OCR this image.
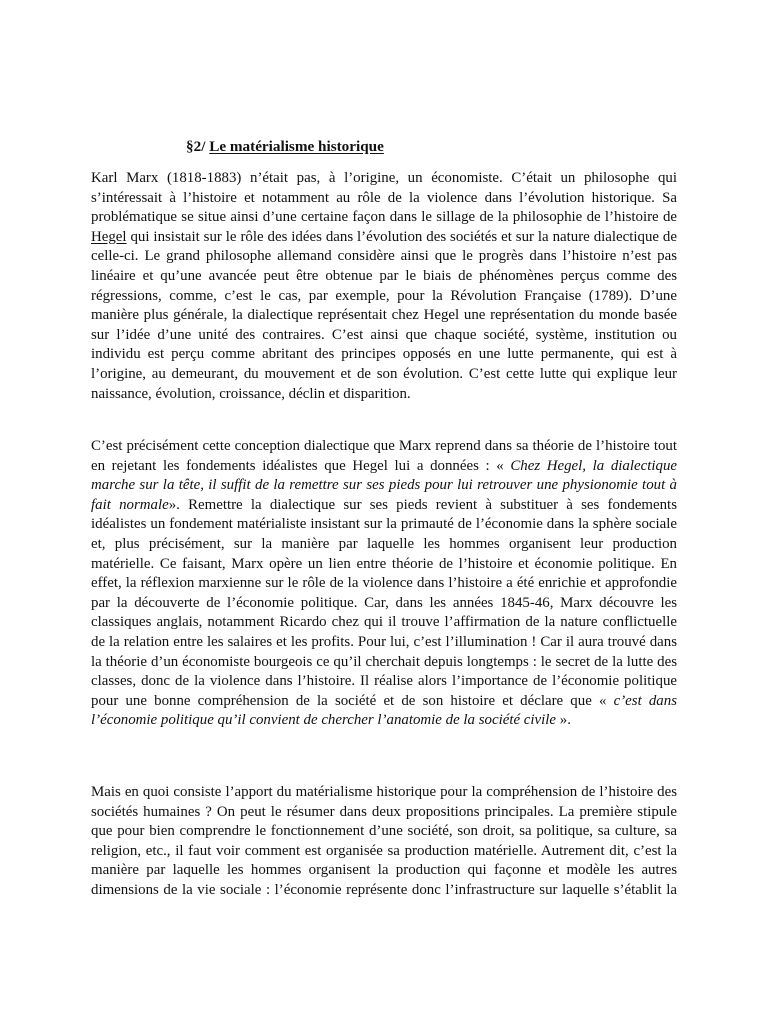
§2/ Le matérialisme historique

Karl Marx (1818-1883) n’était pas, à l’origine, un économiste. C’était un philosophe qui s’intéressait à l’histoire et notamment au rôle de la violence dans l’évolution historique. Sa problématique se situe ainsi d’une certaine façon dans le sillage de la philosophie de l’histoire de Hegel qui insistait sur le rôle des idées dans l’évolution des sociétés et sur la nature dialectique de celle-ci. Le grand philosophe allemand considère ainsi que le progrès dans l’histoire n’est pas linéaire et qu’une avancée peut être obtenue par le biais de phénomènes perçus comme des régressions, comme, c’est le cas, par exemple, pour la Révolution Française (1789). D’une manière plus générale, la dialectique représentait chez Hegel une représentation du monde basée sur l’idée d’une unité des contraires. C’est ainsi que chaque société, système, institution ou individu est perçu comme abritant des principes opposés en une lutte permanente, qui est à l’origine, au demeurant, du mouvement et de son évolution. C’est cette lutte qui explique leur naissance, évolution, croissance, déclin et disparition.

C’est précisément cette conception dialectique que Marx reprend dans sa théorie de l’histoire tout en rejetant les fondements idéalistes que Hegel lui a données : « Chez Hegel, la dialectique marche sur la tête, il suffit de la remettre sur ses pieds pour lui retrouver une physionomie tout à fait normale». Remettre la dialectique sur ses pieds revient à substituer à ses fondements idéalistes un fondement matérialiste insistant sur la primauté de l’économie dans la sphère sociale et, plus précisément, sur la manière par laquelle les hommes organisent leur production matérielle. Ce faisant, Marx opère un lien entre théorie de l’histoire et économie politique. En effet, la réflexion marxienne sur le rôle de la violence dans l’histoire a été enrichie et approfondie par la découverte de l’économie politique. Car, dans les années 1845-46, Marx découvre les classiques anglais, notamment Ricardo chez qui il trouve l’affirmation de la nature conflictuelle de la relation entre les salaires et les profits. Pour lui, c’est l’illumination ! Car il aura trouvé dans la théorie d’un économiste bourgeois ce qu’il cherchait depuis longtemps : le secret de la lutte des classes, donc de la violence dans l’histoire. Il réalise alors l’importance de l’économie politique pour une bonne compréhension de la société et de son histoire et déclare que « c’est dans l’économie politique qu’il convient de chercher l’anatomie de la société civile ».

Mais en quoi consiste l’apport du matérialisme historique pour la compréhension de l’histoire des sociétés humaines ? On peut le résumer dans deux propositions principales. La première stipule que pour bien comprendre le fonctionnement d’une société, son droit, sa politique, sa culture, sa religion, etc., il faut voir comment est organisée sa production matérielle. Autrement dit, c’est la manière par laquelle les hommes organisent la production qui façonne et modèle les autres dimensions de la vie sociale : l’économie représente donc l’infrastructure sur laquelle s’établit la
